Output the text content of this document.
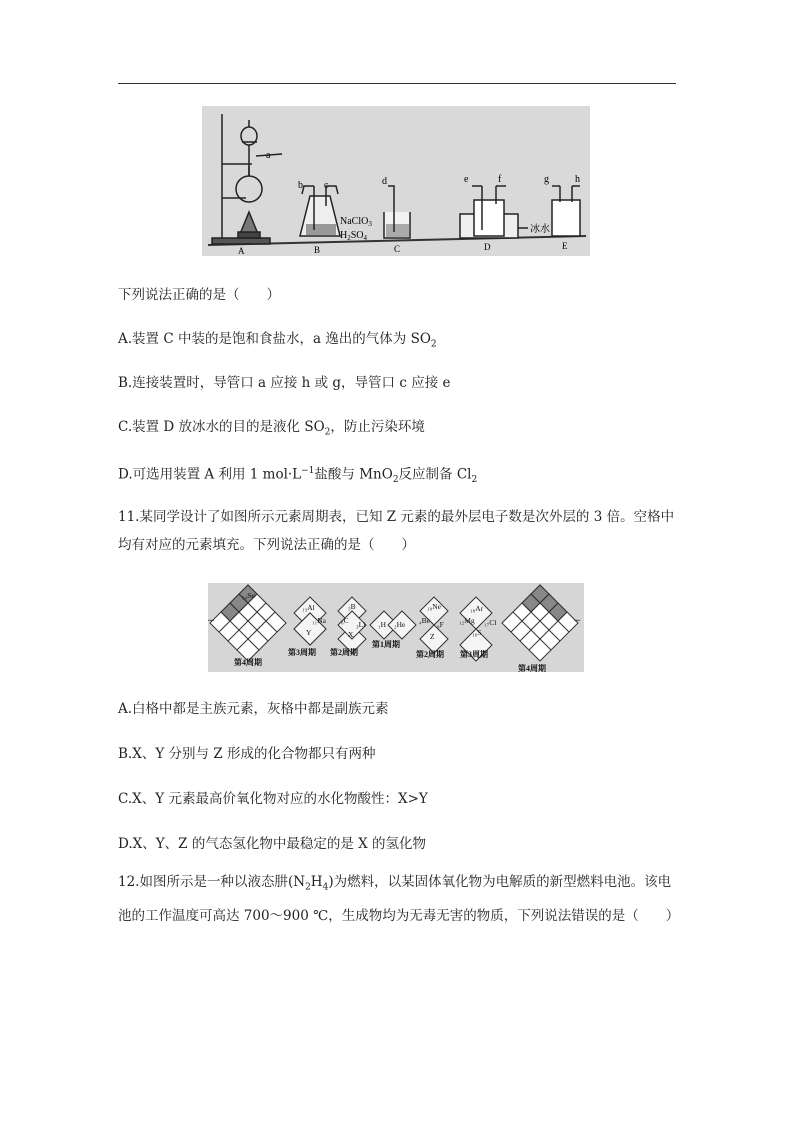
a
b c	d	e	f	g	h
NaClO$_3$
$H_2SO_4$
冰水
A	B	C	D	E
下列说法正确的是（　　）
A.装置 C 中装的是饱和食盐水，a 逸出的气体为 $SO_2$
B.连接装置时，导管口 a 应接 h 或 g，导管口 c 应接 e
C.装置 D 放冰水的目的是液化 $SO_2$，防止污染环境
D.可选用装置 A 利用 1 $mol\cdot L^{-1}$盐酸与 MnO$_2$反应制备 $Cl_2$
11.某同学设计了如图所示元素周期表，已知 Z 元素的最外层电子数是次外层的 3 倍。空格中均有对应的元素填充。下列说法正确的是（　　）
₃₄Se
₁₃Al
₁₁Na
Y
₅B
₆C ₃Li
X
₁H ₂He
₁₀Ne
₄Be ₉F
Z
₁₈Ar
₁₂Mg ₁₇Cl
₁₆S
...	...
第4周期
第3周期 第2周期
第1周期
第2周期 第3周期
第4周期
A.白格中都是主族元素，灰格中都是副族元素
B.X、Y 分别与 Z 形成的化合物都只有两种
C.X、Y 元素最高价氧化物对应的水化物酸性：X>Y
D.X、Y、Z 的气态氢化物中最稳定的是 X 的氢化物
12.如图所示是一种以液态肼$(N_2H_4)$为燃料，以某固体氧化物为电解质的新型燃料电池。该电池的工作温度可高达 700～900 ℃，生成物均为无毒无害的物质，下列说法错误的是（　　）
